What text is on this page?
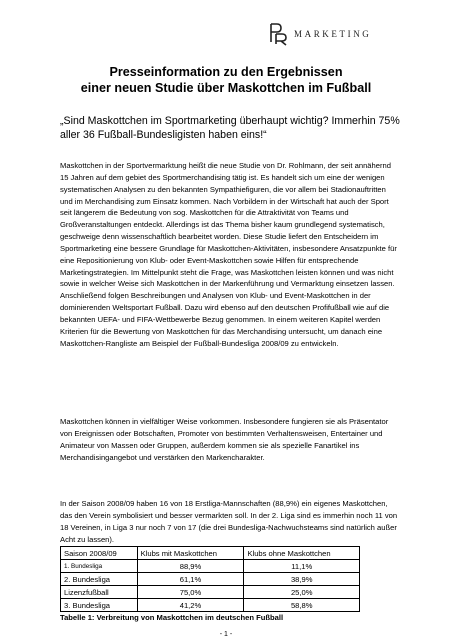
MARKETING
Presseinformation zu den Ergebnissen
einer neuen Studie über Maskottchen im Fußball
„Sind Maskottchen im Sportmarketing überhaupt wichtig? Immerhin 75% aller 36 Fußball-Bundesligisten haben eins!“

Maskottchen in der Sportvermarktung heißt die neue Studie von Dr. Rohlmann, der seit annähernd 15 Jahren auf dem gebiet des Sportmerchandising tätig ist. Es handelt sich um eine der wenigen systematischen Analysen zu den bekannten Sympathiefiguren, die vor allem bei Stadionauftritten und im Merchandising zum Einsatz kommen. Nach Vorbildern in der Wirtschaft hat auch der Sport seit längerem die Bedeutung von sog. Maskottchen für die Attraktivität von Teams und Großveranstaltungen entdeckt. Allerdings ist das Thema bisher kaum grundlegend systematisch, geschweige denn wissenschaftlich bearbeitet worden. Diese Studie liefert den Entscheidern im Sportmarketing eine bessere Grundlage für Maskottchen-Aktivitäten, insbesondere Ansatzpunkte für eine Repositionierung von Klub- oder Event-Maskottchen sowie Hilfen für entsprechende Marketingstrategien. Im Mittelpunkt steht die Frage, was Maskottchen leisten können und was nicht sowie in welcher Weise sich Maskottchen in der Markenführung und Vermarktung einsetzen lassen. Anschließend folgen Beschreibungen und Analysen von Klub- und Event-Maskottchen in der dominierenden Weltsportart Fußball. Dazu wird ebenso auf den deutschen Profifußball wie auf die bekannten UEFA- und FIFA-Wettbewerbe Bezug genommen. In einem weiteren Kapitel werden Kriterien für die Bewertung von Maskottchen für das Merchandising untersucht, um danach eine Maskottchen-Rangliste am Beispiel der Fußball-Bundesliga 2008/09 zu entwickeln.

Maskottchen können in vielfältiger Weise vorkommen. Insbesondere fungieren sie als Präsentator von Ereignissen oder Botschaften, Promoter von bestimmten Verhaltensweisen, Entertainer und Animateur von Massen oder Gruppen, außerdem kommen sie als spezielle Fanartikel ins Merchandisingangebot und verstärken den Markencharakter.

In der Saison 2008/09 haben 16 von 18 Erstliga-Mannschaften (88,9%) ein eigenes Maskottchen, das den Verein symbolisiert und besser vermarkten soll. In der 2. Liga sind es immerhin noch 11 von 18 Vereinen, in Liga 3 nur noch 7 von 17 (die drei Bundesliga-Nachwuchsteams sind natürlich außer Acht zu lassen).

Saison 2008/09	Klubs mit Maskottchen	Klubs ohne Maskottchen
1. Bundesliga	88,9%	11,1%
2. Bundesliga	61,1%	38,9%
Lizenzfußball	75,0%	25,0%
3. Bundesliga	41,2%	58,8%
Tabelle 1: Verbreitung von Maskottchen im deutschen Fußball
- 1 -
